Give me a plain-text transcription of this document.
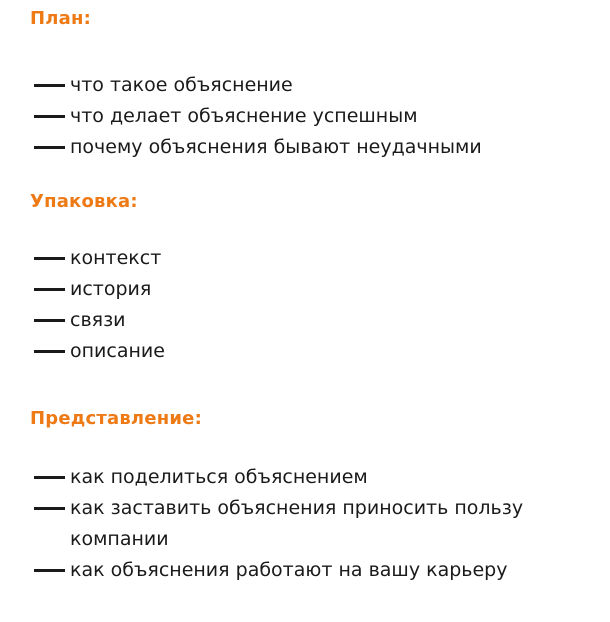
План:
что такое объяснение
что делает объяснение успешным
почему объяснения бывают неудачными
Упаковка:
контекст
история
связи
описание
Представление:
как поделиться объяснением
как заставить объяснения приносить пользу компании
как объяснения работают на вашу карьеру
